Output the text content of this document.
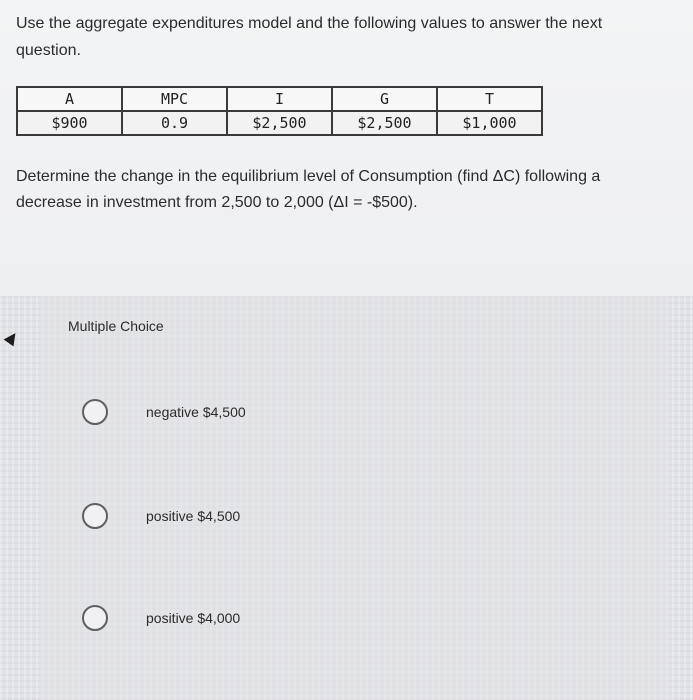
Use the aggregate expenditures model and the following values to answer the next question.

A	MPC	I	G	T
$900	0.9	$2,500	$2,500	$1,000

Determine the change in the equilibrium level of Consumption (find ΔC) following a decrease in investment from 2,500 to 2,000 (ΔI = -$500).

Multiple Choice

negative $4,500
positive $4,500
positive $4,000
